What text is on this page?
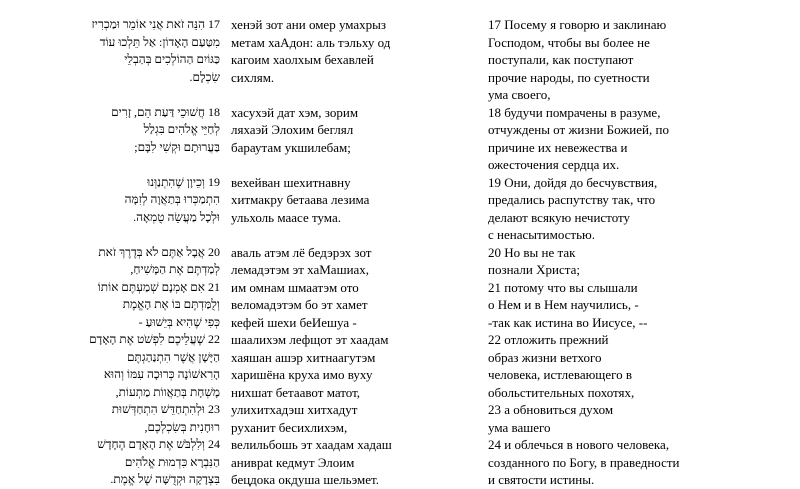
17 הִנֵּה זֹאת אֲנִי אוֹמֵר וּמַכְרִיז
מִטַּעַם הָאָדוֹן: אַל תֵּלְכוּ עוֹד
כַּגּוֹיִם הַהוֹלְכִים בְּהַבְלֵי
שִׂכְלָם.
18 חֲשׁוּכֵי דַּעַת הֵם, זָרִים
לְחַיֵּי אֱלֹהִים בִּגְלַל
בַּעֲרוּתָם וּקְשִׁי לִבָּם;
19 וְכֵיוָן שֶׁהִתְנַוְּנוּ
הִתְמַכְּרוּ בְּתַאֲוָה לְזִמָּה
וּלְכָל מַעֲשֵׂה טֻמְאָה.
20 אֲבָל אַתֶּם לֹא בְּדֶרֶךְ זֹאת
לְמַדְתֶּם אֶת הַמָּשִׁיחַ,
21 אִם אָמְנָם שְׁמַעְתֶּם אוֹתוֹ
וְלֻמַּדְתֶּם בּוֹ אֶת הָאֱמֶת
כְּפִי שֶׁהִיא בְּיֵשׁוּעַ -
22 שֶׁעֲלֵיכֶם לִפְשֹׁט אֶת הָאָדָם
הַיָּשָׁן אֲשֶׁר הִתְנַהַגְתֶּם
הָרִאשׁוֹנָה כְּרוּכָה עִמּוֹ וְהוּא
מָשְׁחָת בְּתַאֲווֹת מַתְעוֹת,
23 וּלְהִתְחַדֵּשׁ הִתְחַדְּשׁוּת
רוּחָנִית בְּשִׂכְלְכֶם,
24 וְלִלְבֹּשׁ אֶת הָאָדָם הֶחָדָשׁ
הַנִּבְרָא כִּדְמוּת אֱלֹהִים
בִּצְדָקָה וּקְדֻשָּׁה שֶׁל אֱמֶת.
хенэй зот ани омер умахрыз
метам хаАдон: аль тэльху од
кагоим хаолхым бехавлей
сихлям.
хасухэй дат хэм, зорим
ляхаэй Элохим беглял
бараутам укшилебам;
вехейван шехитнавну
хитмакру бетаава лезима
ульхоль маасе тума.
аваль атэм лё бедэрэх зот
лемадэтэм эт хаМашиах,
им омнам шмаатэм ото
веломадэтэм бо эт хамет
кефей шехи беИешуа -
шаалихэм лефщот эт хаадам
хаяшан ашэр хитнаагутэм
харишёна круха имо вуху
нихшат бетаавот матот,
улихитхадэш хитхадут
руханит бесихлихэм,
велильбошь эт хаадам хадаш
анивраt кедмут Элоим
бецдока окдуша шельэмет.
17 Посему я говорю и заклинаю
Господом, чтобы вы более не
поступали, как поступают
прочие народы, по суетности
ума своего,
18 будучи помрачены в разуме,
отчуждены от жизни Божией, по
причине их невежества и
ожесточения сердца их.
19 Они, дойдя до бесчувствия,
предались распутству так, что
делают всякую нечистоту
с ненасытимостью.
20 Но вы не так
познали Христа;
21 потому что вы слышали
о Нем и в Нем научились, -
-так как истина во Иисусе, --
22 отложить прежний
образ жизни ветхого
человека, истлевающего в
обольстительных похотях,
23 а обновиться духом
ума вашего
24 и облечься в нового человека,
созданного по Богу, в праведности
и святости истины.
